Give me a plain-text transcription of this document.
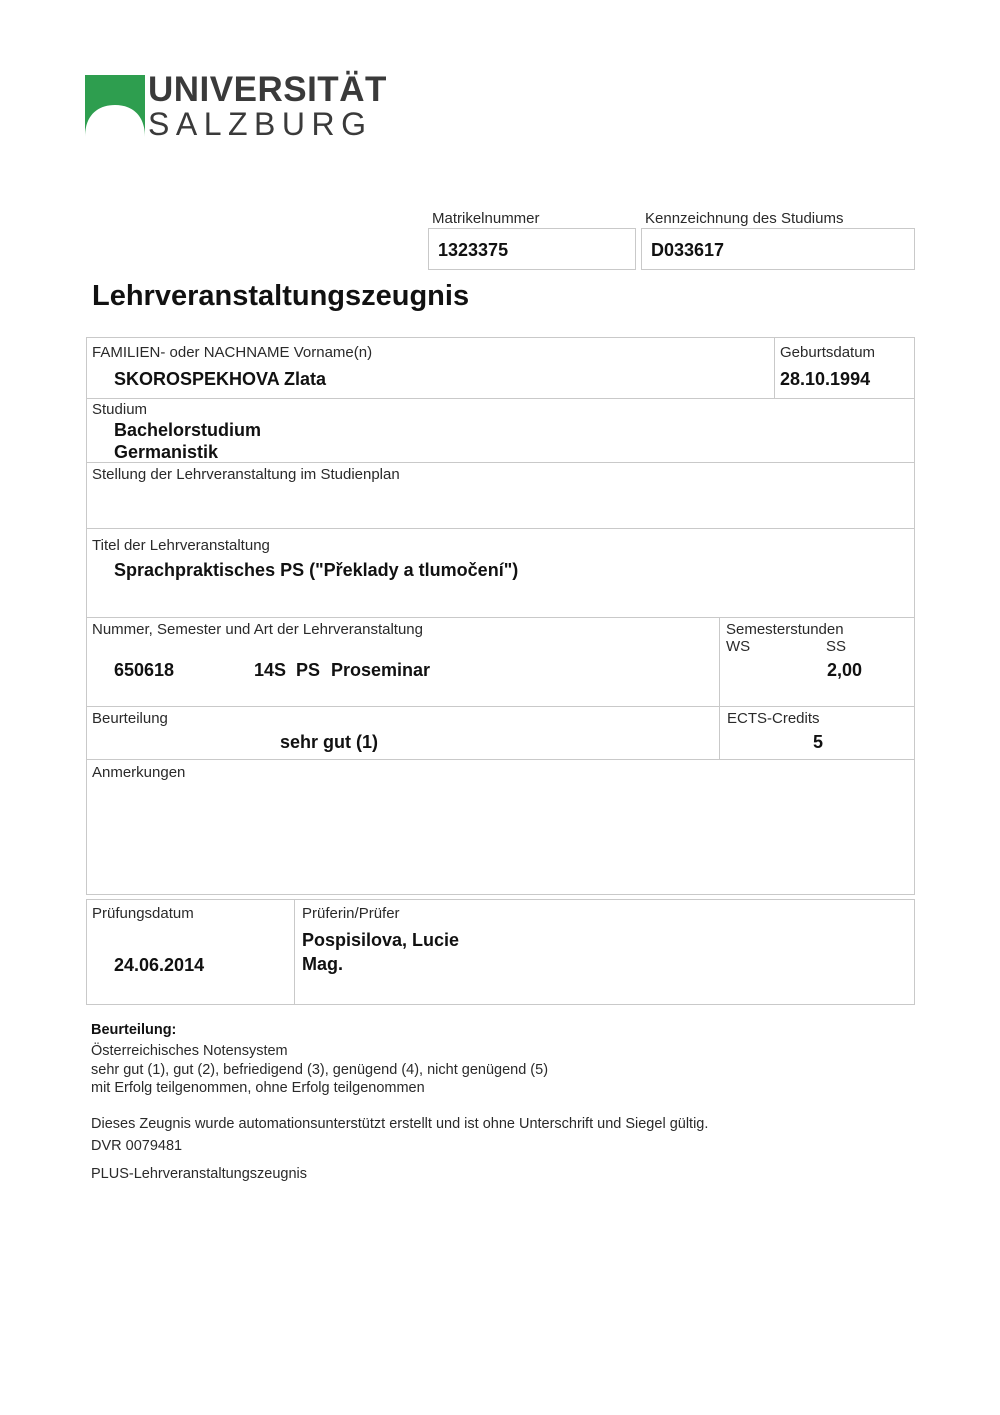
UNIVERSITÄT
SALZBURG
Matrikelnummer
1323375
Kennzeichnung des Studiums
D033617
Lehrveranstaltungszeugnis
FAMILIEN- oder NACHNAME Vorname(n)
SKOROSPEKHOVA Zlata
Geburtsdatum
28.10.1994
Studium
Bachelorstudium
Germanistik
Stellung der Lehrveranstaltung im Studienplan
Titel der Lehrveranstaltung
Sprachpraktisches PS ("Překlady a tlumočení")
Nummer, Semester und Art der Lehrveranstaltung
650618	14S PS Proseminar
Semesterstunden
WS	SS
2,00
Beurteilung
sehr gut (1)
ECTS-Credits
5
Anmerkungen
Prüfungsdatum
24.06.2014
Prüferin/Prüfer
Pospisilova, Lucie
Mag.
Beurteilung:
Österreichisches Notensystem
sehr gut (1), gut (2), befriedigend (3), genügend (4), nicht genügend (5)
mit Erfolg teilgenommen, ohne Erfolg teilgenommen
Dieses Zeugnis wurde automationsunterstützt erstellt und ist ohne Unterschrift und Siegel gültig.
DVR 0079481
PLUS-Lehrveranstaltungszeugnis
